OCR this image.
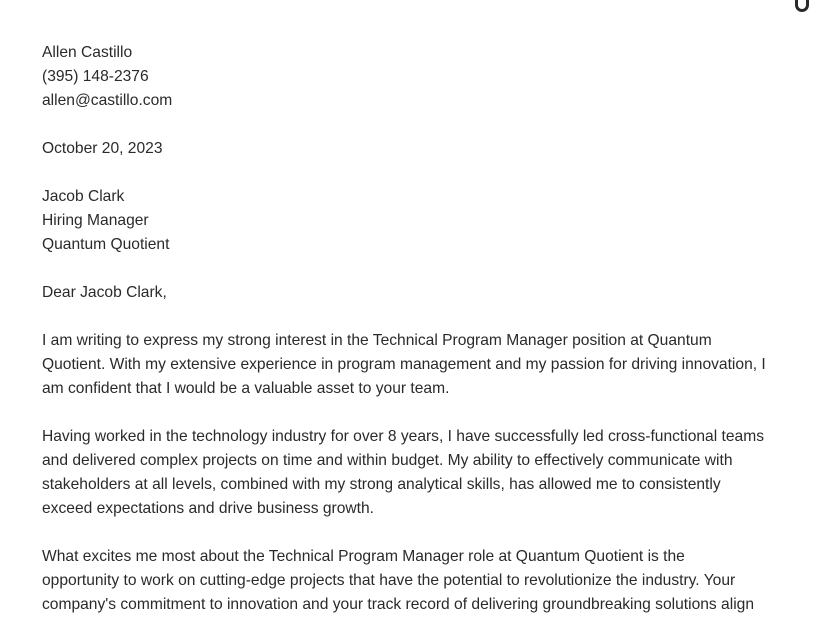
Allen Castillo
(395) 148-2376
allen@castillo.com
October 20, 2023
Jacob Clark
Hiring Manager
Quantum Quotient
Dear Jacob Clark,
I am writing to express my strong interest in the Technical Program Manager position at Quantum
Quotient. With my extensive experience in program management and my passion for driving innovation, I
am confident that I would be a valuable asset to your team.
Having worked in the technology industry for over 8 years, I have successfully led cross-functional teams
and delivered complex projects on time and within budget. My ability to effectively communicate with
stakeholders at all levels, combined with my strong analytical skills, has allowed me to consistently
exceed expectations and drive business growth.
What excites me most about the Technical Program Manager role at Quantum Quotient is the
opportunity to work on cutting-edge projects that have the potential to revolutionize the industry. Your
company's commitment to innovation and your track record of delivering groundbreaking solutions align
